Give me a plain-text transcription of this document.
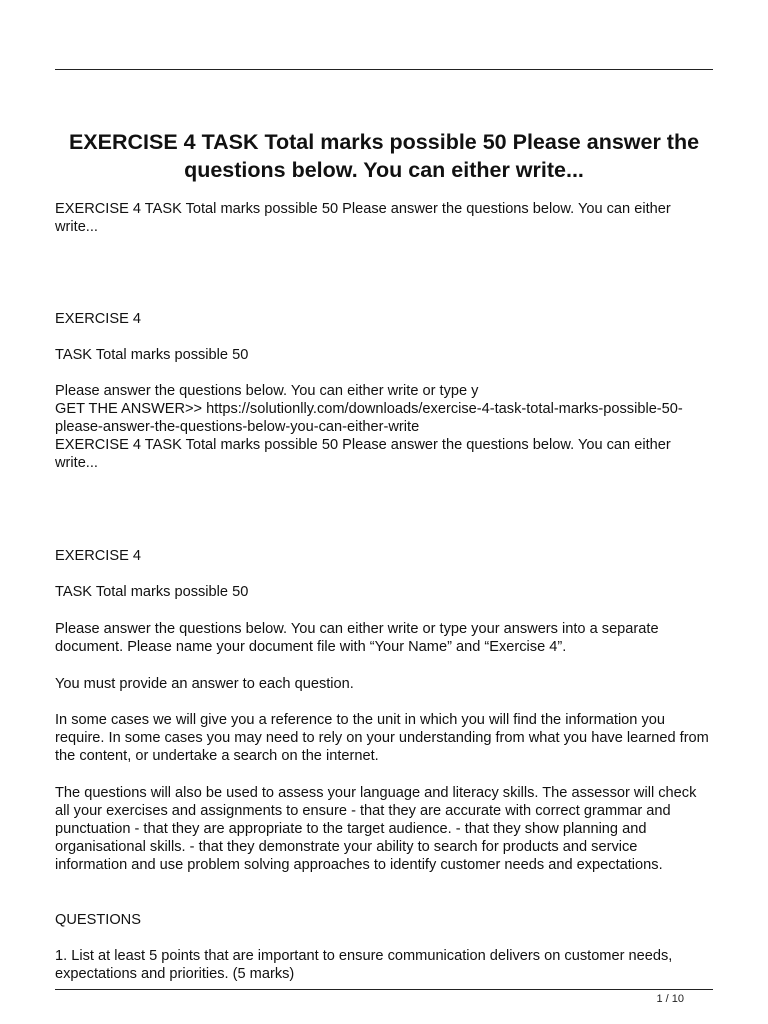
EXERCISE 4 TASK Total marks possible 50 Please answer the questions below. You can either write...

EXERCISE 4 TASK Total marks possible 50 Please answer the questions below. You can either write...

EXERCISE 4

TASK Total marks possible 50

Please answer the questions below. You can either write or type y

GET THE ANSWER>> https://solutionlly.com/downloads/exercise-4-task-total-marks-possible-50-please-answer-the-questions-below-you-can-either-write

EXERCISE 4 TASK Total marks possible 50 Please answer the questions below. You can either write...

EXERCISE 4

TASK Total marks possible 50

Please answer the questions below. You can either write or type your answers into a separate document. Please name your document file with “Your Name” and “Exercise 4”.

You must provide an answer to each question.

In some cases we will give you a reference to the unit in which you will find the information you require. In some cases you may need to rely on your understanding from what you have learned from the content, or undertake a search on the internet.

The questions will also be used to assess your language and literacy skills. The assessor will check all your exercises and assignments to ensure - that they are accurate with correct grammar and punctuation - that they are appropriate to the target audience. - that they show planning and organisational skills. - that they demonstrate your ability to search for products and service information and use problem solving approaches to identify customer needs and expectations.

QUESTIONS

1. List at least 5 points that are important to ensure communication delivers on customer needs, expectations and priorities. (5 marks)

1 / 10
